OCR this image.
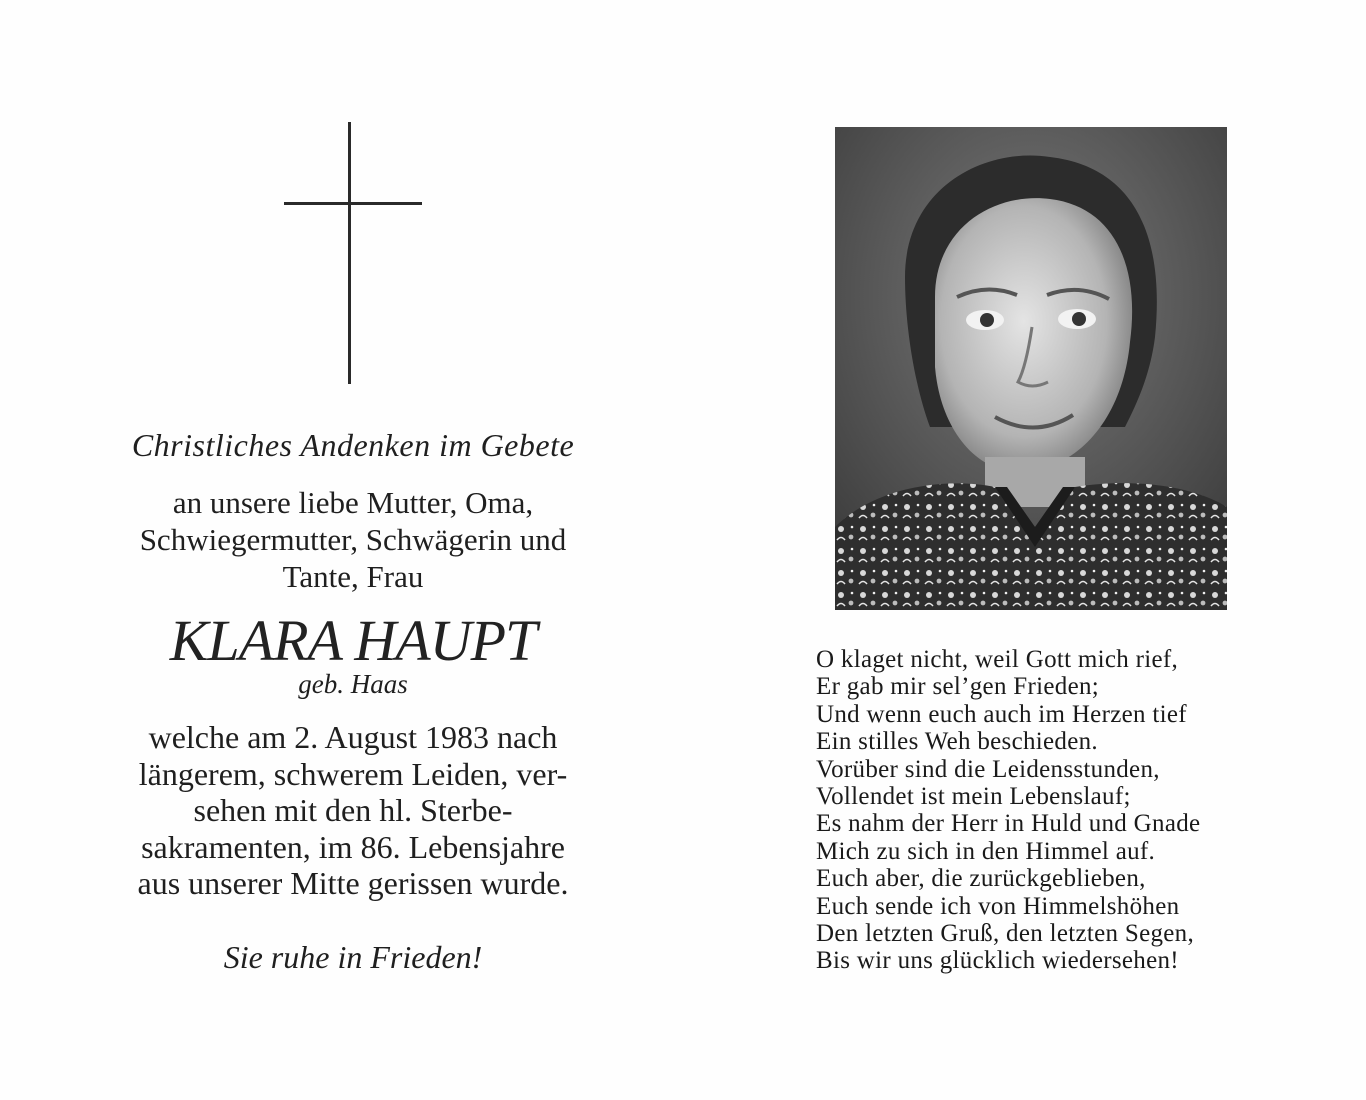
Christliches Andenken im Gebete
an unsere liebe Mutter, Oma,
Schwiegermutter, Schwägerin und
Tante, Frau
KLARA HAUPT
geb. Haas
welche am 2. August 1983 nach
längerem, schwerem Leiden, ver-
sehen mit den hl. Sterbe-
sakramenten, im 86. Lebensjahre
aus unserer Mitte gerissen wurde.
Sie ruhe in Frieden!
O klaget nicht, weil Gott mich rief,
Er gab mir sel’gen Frieden;
Und wenn euch auch im Herzen tief
Ein stilles Weh beschieden.
Vorüber sind die Leidensstunden,
Vollendet ist mein Lebenslauf;
Es nahm der Herr in Huld und Gnade
Mich zu sich in den Himmel auf.
Euch aber, die zurückgeblieben,
Euch sende ich von Himmelshöhen
Den letzten Gruß, den letzten Segen,
Bis wir uns glücklich wiedersehen!
